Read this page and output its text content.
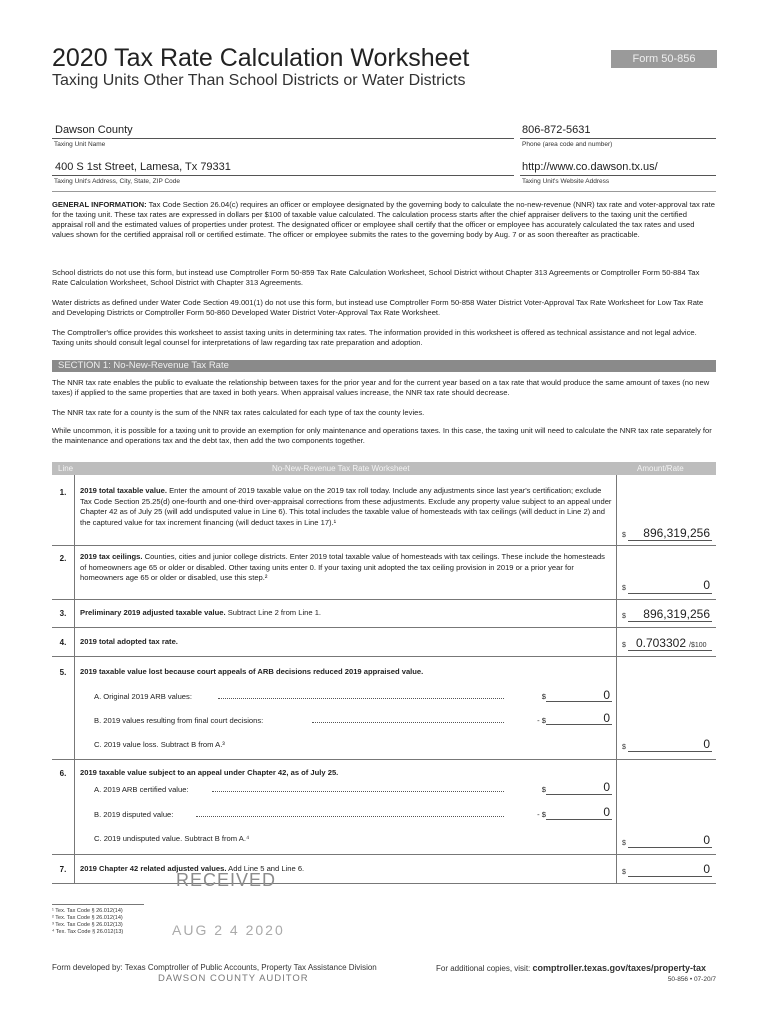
2020 Tax Rate Calculation Worksheet
Taxing Units Other Than School Districts or Water Districts
Form 50-856
Dawson County
Taxing Unit Name
806-872-5631
Phone (area code and number)
400 S 1st Street, Lamesa, Tx 79331
Taxing Unit's Address, City, State, ZIP Code
http://www.co.dawson.tx.us/
Taxing Unit's Website Address
GENERAL INFORMATION: Tax Code Section 26.04(c) requires an officer or employee designated by the governing body to calculate the no-new-revenue (NNR) tax rate and voter-approval tax rate for the taxing unit. These tax rates are expressed in dollars per $100 of taxable value calculated. The calculation process starts after the chief appraiser delivers to the taxing unit the certified appraisal roll and the estimated values of properties under protest. The designated officer or employee shall certify that the officer or employee has accurately calculated the tax rates and used values shown for the certified appraisal roll or certified estimate. The officer or employee submits the rates to the governing body by Aug. 7 or as soon thereafter as practicable.
School districts do not use this form, but instead use Comptroller Form 50-859 Tax Rate Calculation Worksheet, School District without Chapter 313 Agreements or Comptroller Form 50-884 Tax Rate Calculation Worksheet, School District with Chapter 313 Agreements.
Water districts as defined under Water Code Section 49.001(1) do not use this form, but instead use Comptroller Form 50-858 Water District Voter-Approval Tax Rate Worksheet for Low Tax Rate and Developing Districts or Comptroller Form 50-860 Developed Water District Voter-Approval Tax Rate Worksheet.
The Comptroller's office provides this worksheet to assist taxing units in determining tax rates. The information provided in this worksheet is offered as technical assistance and not legal advice. Taxing units should consult legal counsel for interpretations of law regarding tax rate preparation and adoption.
SECTION 1: No-New-Revenue Tax Rate
The NNR tax rate enables the public to evaluate the relationship between taxes for the prior year and for the current year based on a tax rate that would produce the same amount of taxes (no new taxes) if applied to the same properties that are taxed in both years. When appraisal values increase, the NNR tax rate should decrease.
The NNR tax rate for a county is the sum of the NNR tax rates calculated for each type of tax the county levies.
While uncommon, it is possible for a taxing unit to provide an exemption for only maintenance and operations taxes. In this case, the taxing unit will need to calculate the NNR tax rate separately for the maintenance and operations tax and the debt tax, then add the two components together.
Line	No-New-Revenue Tax Rate Worksheet	Amount/Rate
1.	2019 total taxable value. Enter the amount of 2019 taxable value on the 2019 tax roll today. Include any adjustments since last year's certification; exclude Tax Code Section 25.25(d) one-fourth and one-third over-appraisal corrections from these adjustments. Exclude any property value subject to an appeal under Chapter 42 as of July 25 (will add undisputed value in Line 6). This total includes the taxable value of homesteads with tax ceilings (will deduct in Line 2) and the captured value for tax increment financing (will deduct taxes in Line 17).¹
$	896,319,256
2.	2019 tax ceilings. Counties, cities and junior college districts. Enter 2019 total taxable value of homesteads with tax ceilings. These include the homesteads of homeowners age 65 or older or disabled. Other taxing units enter 0. If your taxing unit adopted the tax ceiling provision in 2019 or a prior year for homeowners age 65 or older or disabled, use this step.²
$	0
3.	Preliminary 2019 adjusted taxable value. Subtract Line 2 from Line 1.	$	896,319,256
4.	2019 total adopted tax rate.	$ 0.703302 /$100
5.	2019 taxable value lost because court appeals of ARB decisions reduced 2019 appraised value.
A. Original 2019 ARB values:	$	0
B. 2019 values resulting from final court decisions:	- $	0
C. 2019 value loss. Subtract B from A.³	$	0
6.	2019 taxable value subject to an appeal under Chapter 42, as of July 25.
A. 2019 ARB certified value:	$	0
B. 2019 disputed value:	- $	0
C. 2019 undisputed value. Subtract B from A.⁴
$	0
7.	2019 Chapter 42 related adjusted values. Add Line 5 and Line 6.	$	0
RECEIVED
¹ Tex. Tax Code § 26.012(14)
² Tex. Tax Code § 26.012(14)
³ Tex. Tax Code § 26.012(13)
⁴ Tex. Tax Code § 26.012(13)	AUG 2 4 2020
Form developed by: Texas Comptroller of Public Accounts, Property Tax Assistance Division
DAWSON COUNTY AUDITOR
For additional copies, visit: comptroller.texas.gov/taxes/property-tax
50-856 • 07-20/7
